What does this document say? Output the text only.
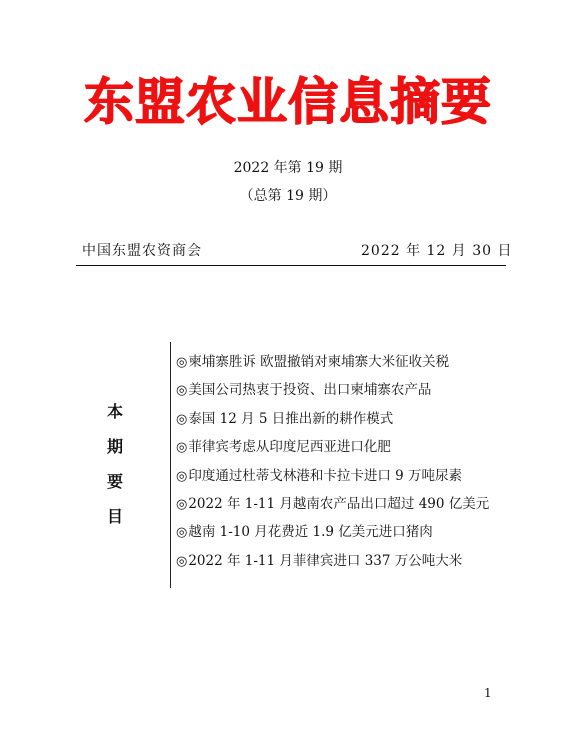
东盟农业信息摘要
2022 年第 19 期
（总第 19 期）
中国东盟农资商会	2022 年 12 月 30 日
本
期
要
目
◎柬埔寨胜诉 欧盟撤销对柬埔寨大米征收关税
◎美国公司热衷于投资、出口柬埔寨农产品
◎泰国 12 月 5 日推出新的耕作模式
◎菲律宾考虑从印度尼西亚进口化肥
◎印度通过杜蒂戈林港和卡拉卡进口 9 万吨尿素
◎2022 年 1-11 月越南农产品出口超过 490 亿美元
◎越南 1-10 月花费近 1.9 亿美元进口猪肉
◎2022 年 1-11 月菲律宾进口 337 万公吨大米
1
